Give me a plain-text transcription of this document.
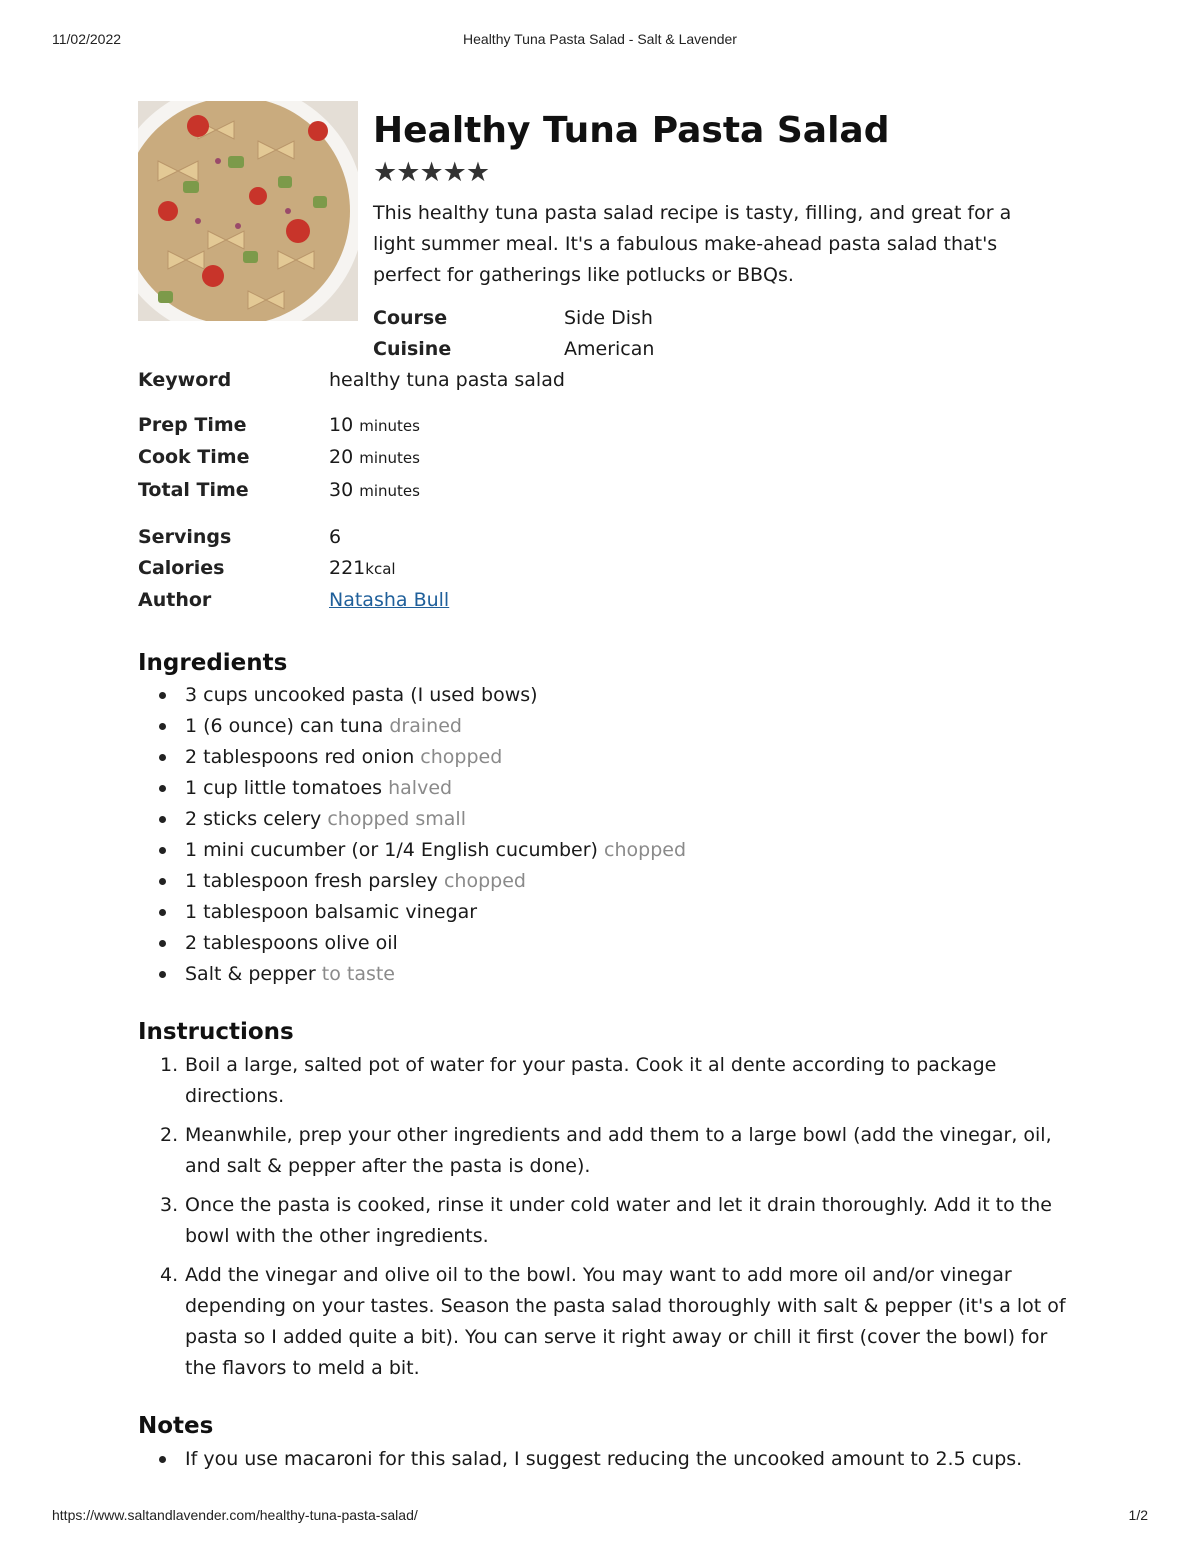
11/02/2022	Healthy Tuna Pasta Salad - Salt & Lavender
Healthy Tuna Pasta Salad
★★★★★

This healthy tuna pasta salad recipe is tasty, filling, and great for a light summer meal. It's a fabulous make-ahead pasta salad that's perfect for gatherings like potlucks or BBQs.

Course	Side Dish
Cuisine	American
Keyword	healthy tuna pasta salad
Prep Time	10 minutes
Cook Time	20 minutes
Total Time	30 minutes
Servings	6
Calories	221kcal
Author	Natasha Bull
Ingredients
3 cups uncooked pasta (I used bows)
1 (6 ounce) can tuna drained
2 tablespoons red onion chopped
1 cup little tomatoes halved
2 sticks celery chopped small
1 mini cucumber (or 1/4 English cucumber) chopped
1 tablespoon fresh parsley chopped
1 tablespoon balsamic vinegar
2 tablespoons olive oil
Salt & pepper to taste
Instructions
1. Boil a large, salted pot of water for your pasta. Cook it al dente according to package directions.
2. Meanwhile, prep your other ingredients and add them to a large bowl (add the vinegar, oil, and salt & pepper after the pasta is done).
3. Once the pasta is cooked, rinse it under cold water and let it drain thoroughly. Add it to the bowl with the other ingredients.
4. Add the vinegar and olive oil to the bowl. You may want to add more oil and/or vinegar depending on your tastes. Season the pasta salad thoroughly with salt & pepper (it's a lot of pasta so I added quite a bit). You can serve it right away or chill it first (cover the bowl) for the flavors to meld a bit.
Notes
If you use macaroni for this salad, I suggest reducing the uncooked amount to 2.5 cups.
https://www.saltandlavender.com/healthy-tuna-pasta-salad/	1/2
